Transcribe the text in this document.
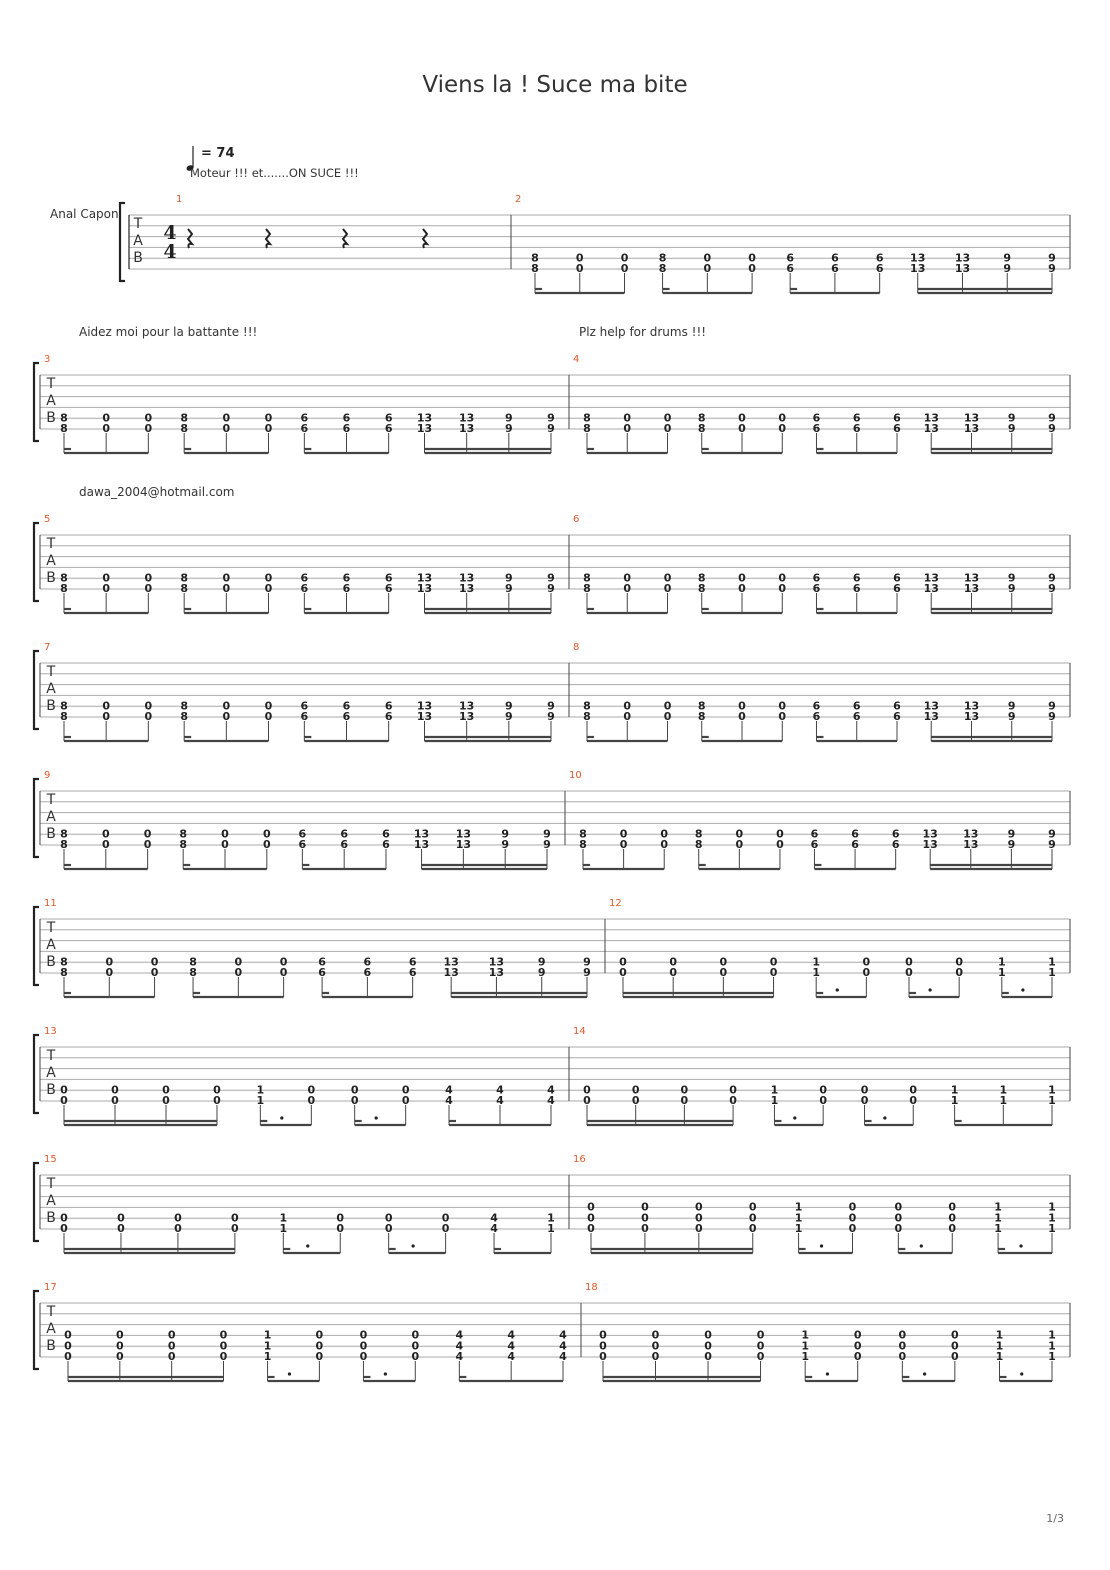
Viens la ! Suce ma bite
= 74
Moteur !!! et.......ON SUCE !!!
Aidez moi pour la battante !!!	Plz help for drums !!!
dawa_2004@hotmail.com
Anal Capon
T
A
B
4
4
1	2
8
8
0
0
0
0
8
8
0
0
0
0
6
6
6
6
6
6
13
13
13
13
9
9
9
9
T
A
B
3
8
8
0
0
0
0
8
8
0
0
0
0
6
6
6
6
6
6
13
13
13
13
9
9
9
9
4
8
8
0
0
0
0
8
8
0
0
0
0
6
6
6
6
6
6
13
13
13
13
9
9
9
9
T
A
B
5
8
8
0
0
0
0
8
8
0
0
0
0
6
6
6
6
6
6
13
13
13
13
9
9
9
9
6
8
8
0
0
0
0
8
8
0
0
0
0
6
6
6
6
6
6
13
13
13
13
9
9
9
9
T
A
B
7
8
8
0
0
0
0
8
8
0
0
0
0
6
6
6
6
6
6
13
13
13
13
9
9
9
9
8
8
8
0
0
0
0
8
8
0
0
0
0
6
6
6
6
6
6
13
13
13
13
9
9
9
9
T
A
B
9
8
8
0
0
0
0
8
8
0
0
0
0
6
6
6
6
6
6
13
13
13
13
9
9
9
9
10
8
8
0
0
0
0
8
8
0
0
0
0
6
6
6
6
6
6
13
13
13
13
9
9
9
9
T
A
B
11
8
8
0
0
0
0
8
8
0
0
0
0
6
6
6
6
6
6
13
13
13
13
9
9
9
9
12
0
0
0
0
0
0
0
0
1
1
0
0
0
0
0
0
1
1
1
1
T
A
B
13
0
0
0
0
0
0
0
0
1
1
0
0
0
0
0
0
4
4
4
4
4
4
14
0
0
0
0
0
0
0
0
1
1
0
0
0
0
0
0
1
1
1
1
1
1
T
A
B
15
0
0
0
0
0
0
0
0
1
1
0
0
0
0
0
0
4
4
1
1
16
0
0
0
0
0
0
0
0
0
0
0
0
1
1
1
0
0
0
0
0
0
0
0
0
1
1
1
1
1
1
T
A
B
17
0
0
0
0
0
0
0
0
0
0
0
0
1
1
1
0
0
0
0
0
0
0
0
0
4
4
4
4
4
4
4
4
4
18
0
0
0
0
0
0
0
0
0
0
0
0
1
1
1
0
0
0
0
0
0
0
0
0
1
1
1
1
1
1
1/3
